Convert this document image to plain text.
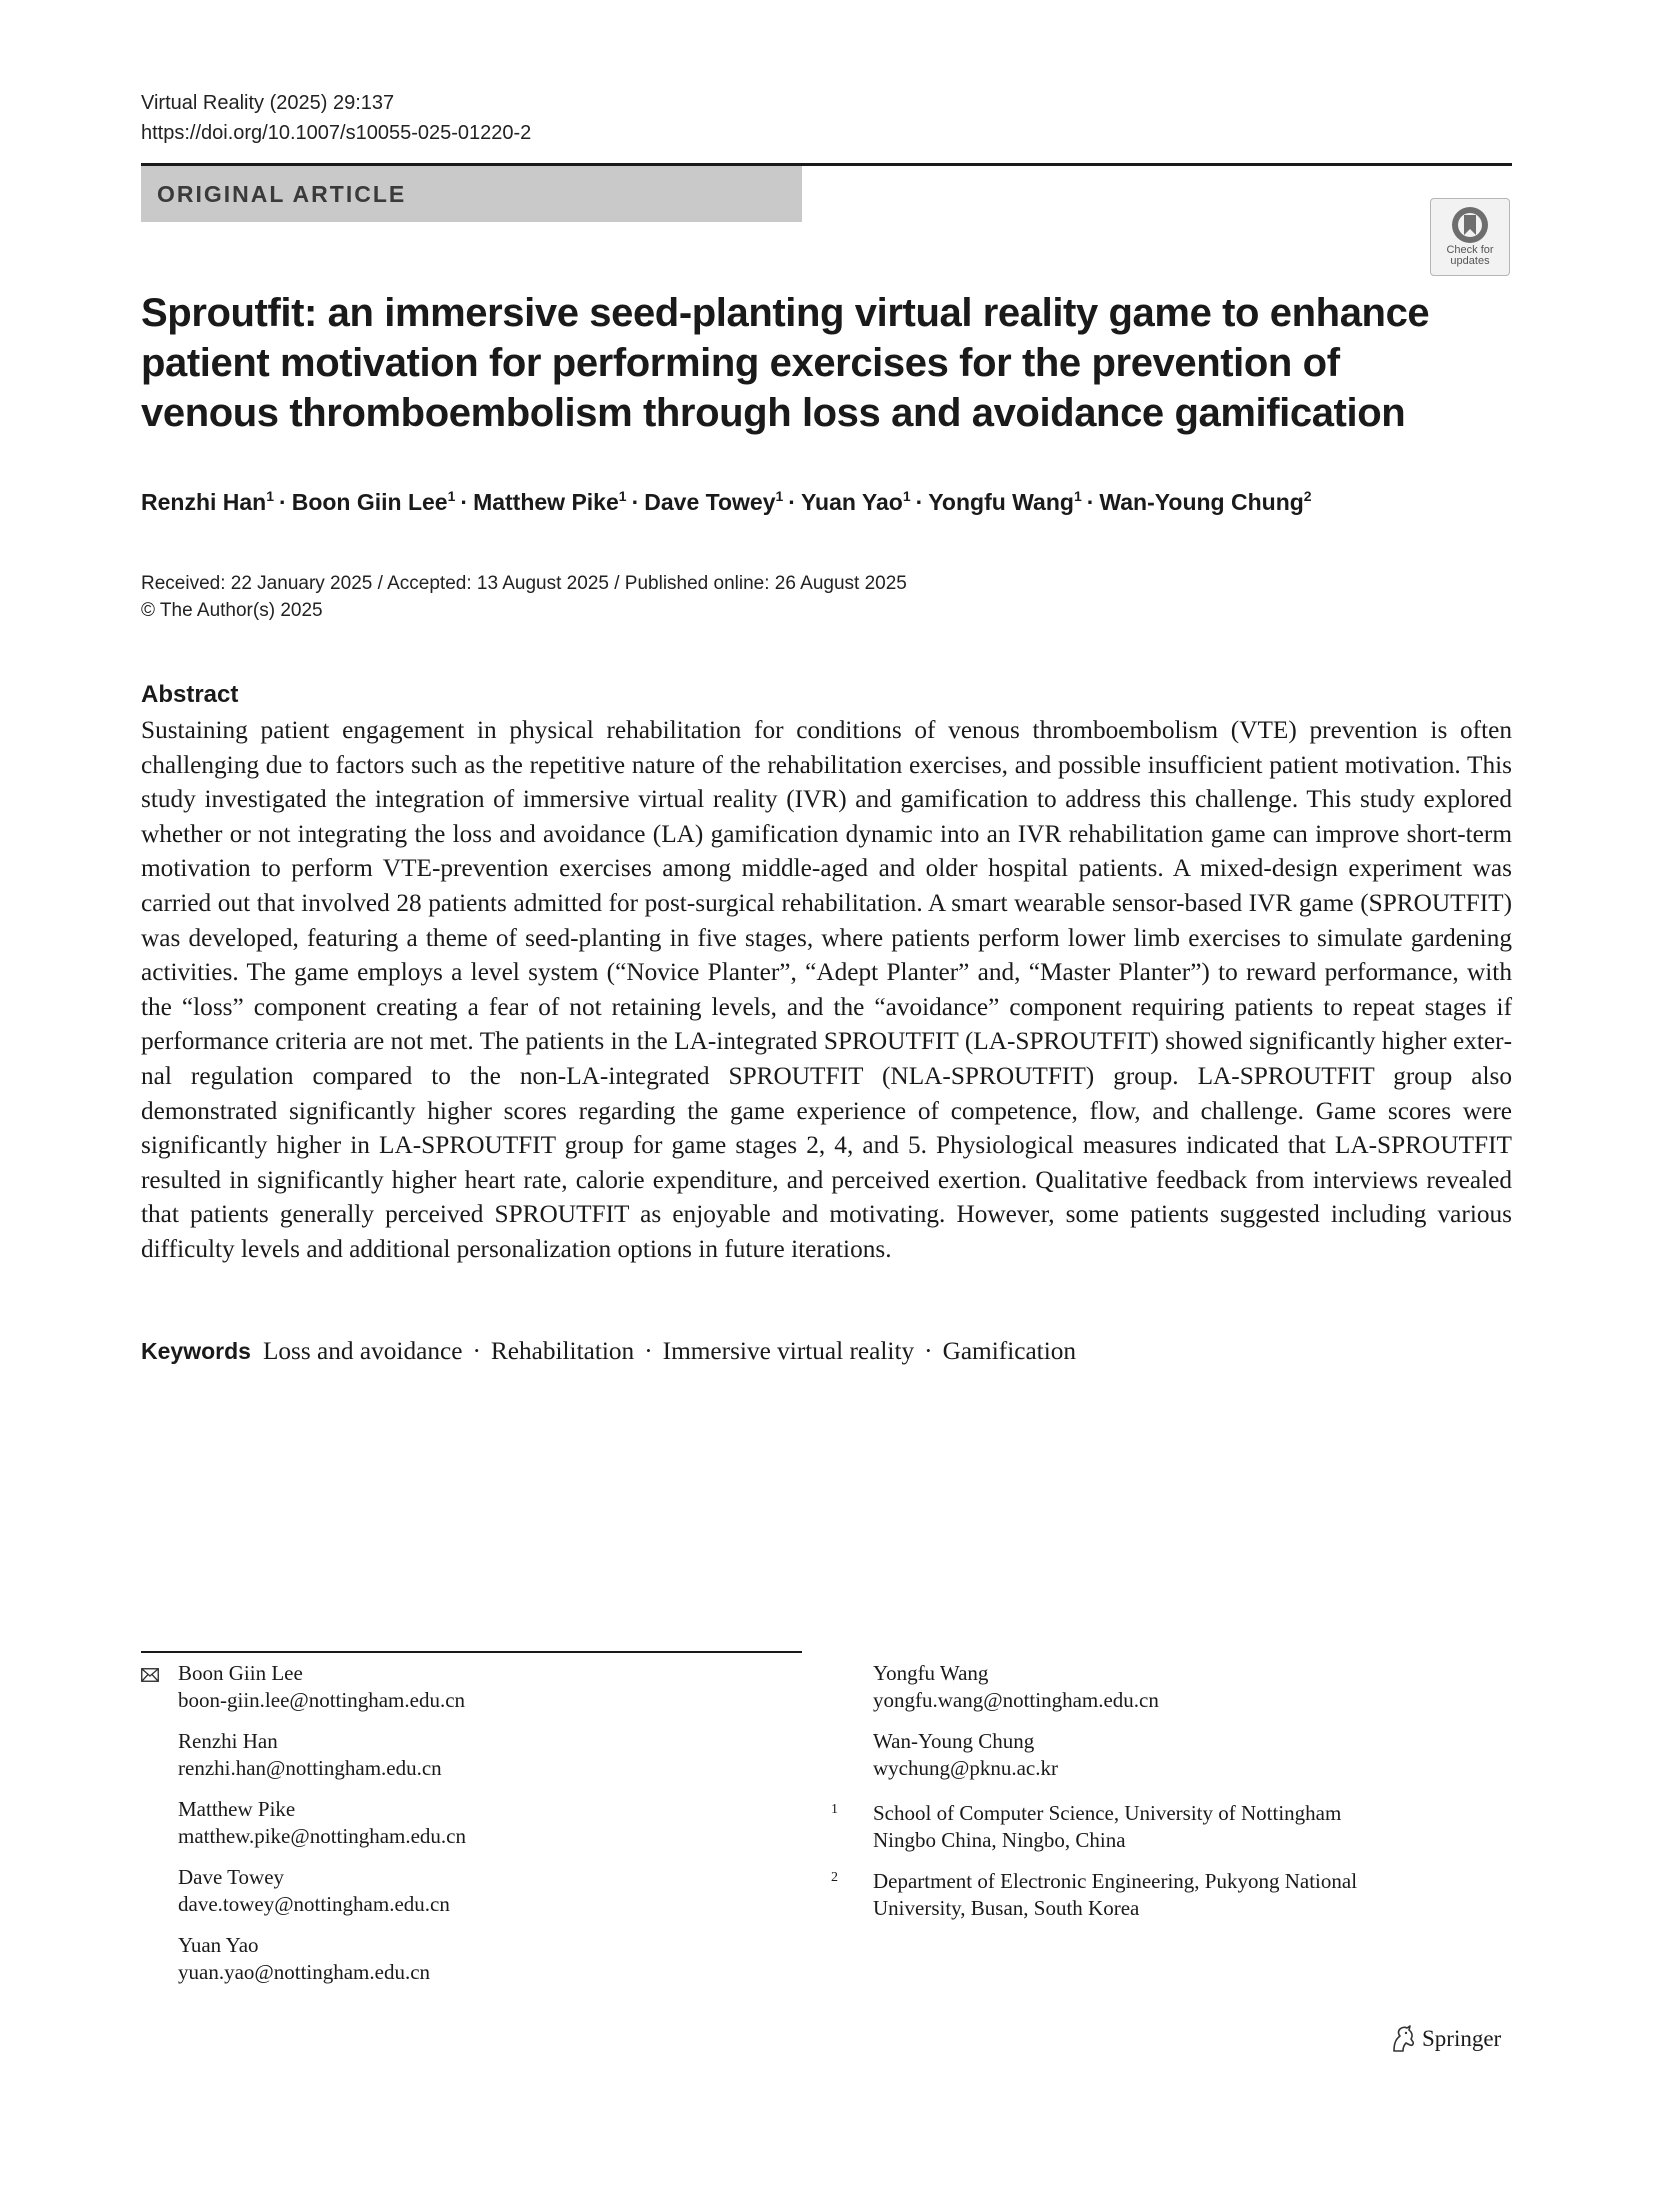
Virtual Reality (2025) 29:137
https://doi.org/10.1007/s10055-025-01220-2
ORIGINAL ARTICLE
Check for
updates
Sproutfit: an immersive seed-planting virtual reality game to enhance patient motivation for performing exercises for the prevention of venous thromboembolism through loss and avoidance gamification
Renzhi Han$^1$ · Boon Giin Lee$^1$ · Matthew Pike$^1$ · Dave Towey$^1$ · Yuan Yao$^1$ · Yongfu Wang$^1$ · Wan-Young Chung$^2$
Received: 22 January 2025 / Accepted: 13 August 2025 / Published online: 26 August 2025
© The Author(s) 2025
Abstract

Sustaining patient engagement in physical rehabilitation for conditions of venous thromboembolism (VTE) prevention is often challenging due to factors such as the repetitive nature of the rehabilitation exercises, and possible insufficient patient motivation. This study investigated the integration of immersive virtual reality (IVR) and gamification to address this challenge. This study explored whether or not integrating the loss and avoidance (LA) gamification dynamic into an IVR rehabilitation game can improve short-term motivation to perform VTE-prevention exercises among middle-aged and older hospital patients. A mixed-design experiment was carried out that involved 28 patients admitted for post-surgical rehabilitation. A smart wearable sensor-based IVR game (SPROUTFIT) was developed, featuring a theme of seed-planting in five stages, where patients perform lower limb exercises to simulate gardening activities. The game employs a level system (“Novice Planter”, “Adept Planter” and, “Master Planter”) to reward performance, with the “loss” component creating a fear of not retaining levels, and the “avoidance” component requiring patients to repeat stages if performance criteria are not met. The patients in the LA-integrated SPROUTFIT (LA-SPROUTFIT) showed significantly higher external regulation compared to the non-LA-integrated SPROUTFIT (NLA-SPROUTFIT) group. LA-SPROUTFIT group also demonstrated significantly higher scores regarding the game experience of competence, flow, and challenge. Game scores were significantly higher in LA-SPROUTFIT group for game stages 2, 4, and 5. Physiological measures indicated that LA-SPROUTFIT resulted in significantly higher heart rate, calorie expenditure, and perceived exertion. Qualitative feedback from interviews revealed that patients generally perceived SPROUTFIT as enjoyable and motivating. However, some patients suggested including various difficulty levels and additional personalization options in future iterations.

Keywords Loss and avoidance · Rehabilitation · Immersive virtual reality · Gamification
Boon Giin Lee
boon-giin.lee@nottingham.edu.cn
Renzhi Han
renzhi.han@nottingham.edu.cn
Matthew Pike
matthew.pike@nottingham.edu.cn
Dave Towey
dave.towey@nottingham.edu.cn
Yuan Yao
yuan.yao@nottingham.edu.cn
Yongfu Wang
yongfu.wang@nottingham.edu.cn
Wan-Young Chung
wychung@pknu.ac.kr
1 School of Computer Science, University of Nottingham
Ningbo China, Ningbo, China
2 Department of Electronic Engineering, Pukyong National
University, Busan, South Korea
Springer
